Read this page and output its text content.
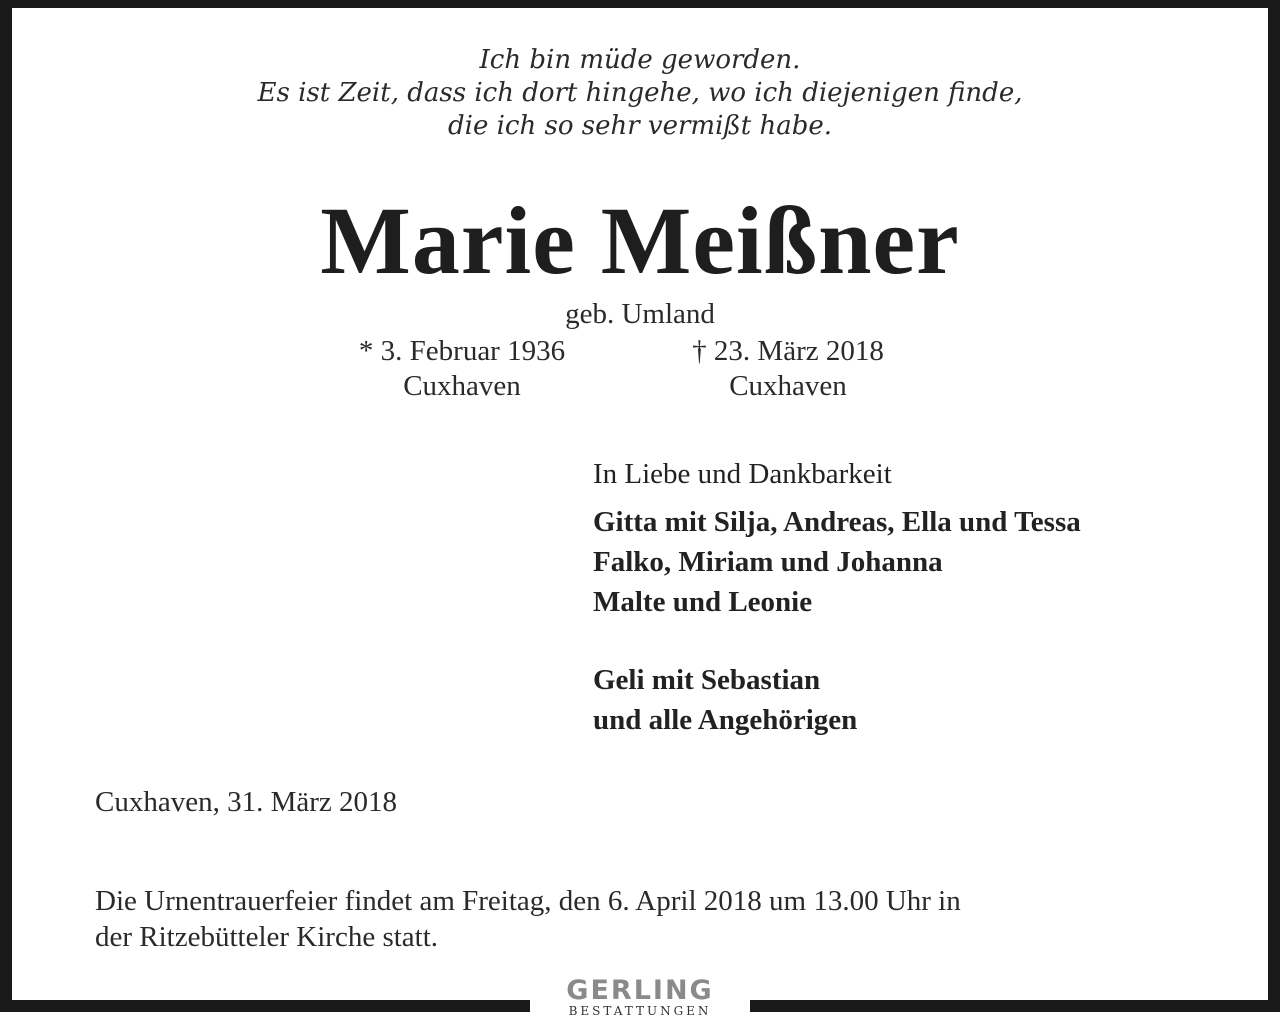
Ich bin müde geworden.
Es ist Zeit, dass ich dort hingehe, wo ich diejenigen finde,
die ich so sehr vermißt habe.
Marie Meißner
geb. Umland
* 3. Februar 1936
Cuxhaven
† 23. März 2018
Cuxhaven
In Liebe und Dankbarkeit
Gitta mit Silja, Andreas, Ella und Tessa
Falko, Miriam und Johanna
Malte und Leonie
Geli mit Sebastian
und alle Angehörigen
Cuxhaven, 31. März 2018
Die Urnentrauerfeier findet am Freitag, den 6. April 2018 um 13.00 Uhr in
der Ritzebütteler Kirche statt.
GERLING
BESTATTUNGEN
